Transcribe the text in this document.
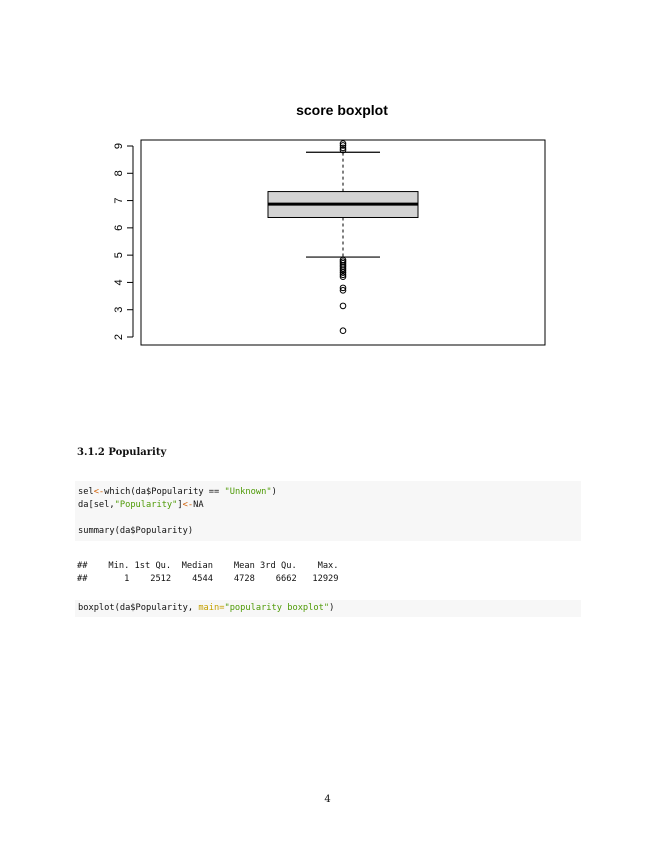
score boxplot
2
3
4
5
6
7
8
9
3.1.2 Popularity
sel<-which(da$Popularity == "Unknown")
da[sel,"Popularity"]<-NA
summary(da$Popularity)
##    Min. 1st Qu.  Median    Mean 3rd Qu.    Max.
##       1    2512    4544    4728    6662   12929
boxplot(da$Popularity, main="popularity boxplot")
4
